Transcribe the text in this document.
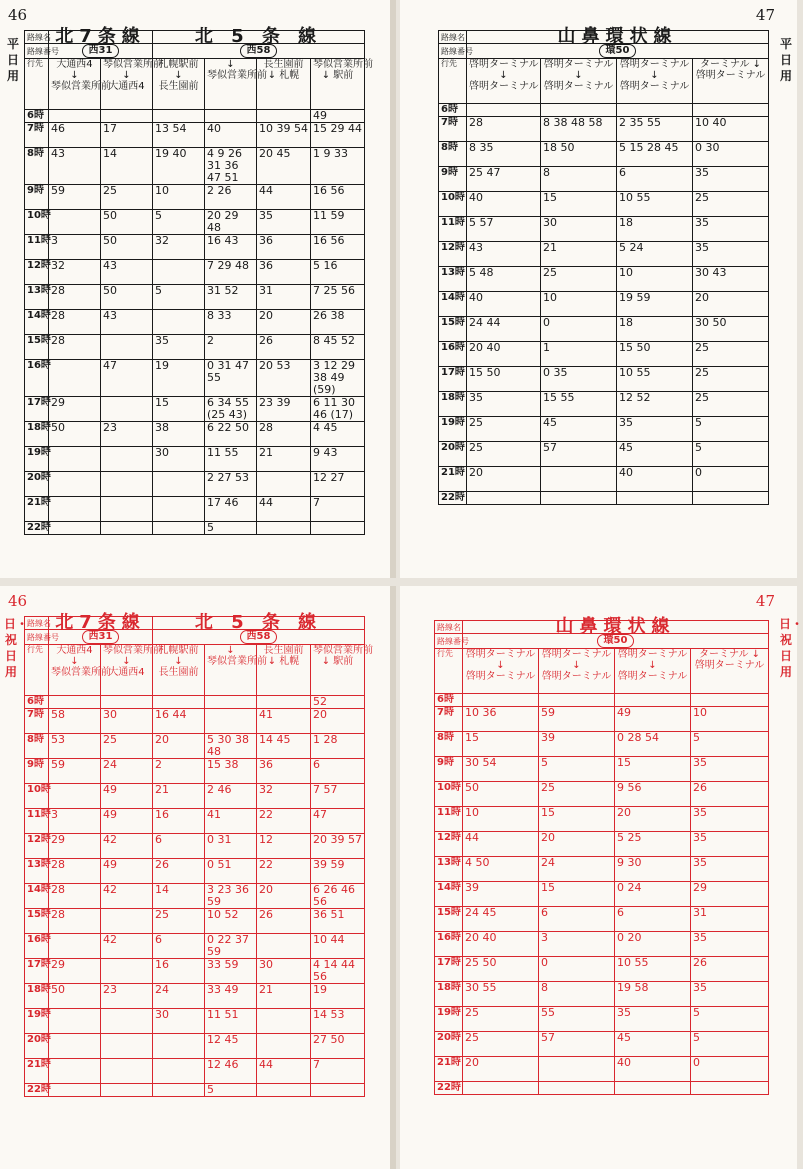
46
平日用
路線名	北7条線		北 5 条 線			
路線番号	西31		西58			
行先	大通西4 ↓ 琴似営業所前	琴似営業所前 ↓ 大通西4	札幌駅前 ↓ 長生園前	↓ 琴似営業所前	長生園前 ↓ 札幌	琴似営業所前 ↓ 駅前
6時						49
7時	46	17	13 54	40	10 39 54	15 29 44
8時	43	14	19 40	4 9 26 31 36 47 51	20 45	1 9 33
9時	59	25	10	2 26	44	16 56
10時		50	5	20 29 48	35	11 59
11時	3	50	32	16 43	36	16 56
12時	32	43		7 29 48	36	5 16
13時	28	50	5	31 52	31	7 25 56
14時	28	43		8 33	20	26 38
15時	28		35	2	26	8 45 52
16時		47	19	0 31 47 55	20 53	3 12 29 38 49 (59)
17時	29		15	6 34 55 (25 43)	23 39	6 11 30 46 (17)
18時	50	23	38	6 22 50	28	4 45
19時			30	11 55	21	9 43
20時				2 27 53		12 27
21時				17 46	44	7
22時				5		
47
平日用
路線名	山鼻環状線			
路線番号	環50			
行先	啓明ターミナル ↓ 啓明ターミナル	啓明ターミナル ↓ 啓明ターミナル	啓明ターミナル ↓ 啓明ターミナル	ターミナル ↓ 啓明ターミナル
6時				
7時	28	8 38 48 58	2 35 55	10 40
8時	8 35	18 50	5 15 28 45	0 30
9時	25 47	8	6	35
10時	40	15	10 55	25
11時	5 57	30	18	35
12時	43	21	5 24	35
13時	5 48	25	10	30 43
14時	40	10	19 59	20
15時	24 44	0	18	30 50
16時	20 40	1	15 50	25
17時	15 50	0 35	10 55	25
18時	35	15 55	12 52	25
19時	25	45	35	5
20時	25	57	45	5
21時	20		40	0
22時				
46
日・祝日用
路線名	北7条線		北 5 条 線			
路線番号	西31		西58			
行先	大通西4 ↓ 琴似営業所前	琴似営業所前 ↓ 大通西4	札幌駅前 ↓ 長生園前	↓ 琴似営業所前	長生園前 ↓ 札幌	琴似営業所前 ↓ 駅前
6時						52
7時	58	30	16 44		41	20
8時	53	25	20	5 30 38 48	14 45	1 28
9時	59	24	2	15 38	36	6
10時		49	21	2 46	32	7 57
11時	3	49	16	41	22	47
12時	29	42	6	0 31	12	20 39 57
13時	28	49	26	0 51	22	39 59
14時	28	42	14	3 23 36 59	20	6 26 46 56
15時	28		25	10 52	26	36 51
16時		42	6	0 22 37 59		10 44
17時	29		16	33 59	30	4 14 44 56
18時	50	23	24	33 49	21	19
19時			30	11 51		14 53
20時				12 45		27 50
21時				12 46	44	7
22時				5		
47
日・祝日用
路線名	山鼻環状線			
路線番号	環50			
行先	啓明ターミナル ↓ 啓明ターミナル	啓明ターミナル ↓ 啓明ターミナル	啓明ターミナル ↓ 啓明ターミナル	ターミナル ↓ 啓明ターミナル
6時				
7時	10 36	59	49	10
8時	15	39	0 28 54	5
9時	30 54	5	15	35
10時	50	25	9 56	26
11時	10	15	20	35
12時	44	20	5 25	35
13時	4 50	24	9 30	35
14時	39	15	0 24	29
15時	24 45	6	6	31
16時	20 40	3	0 20	35
17時	25 50	0	10 55	26
18時	30 55	8	19 58	35
19時	25	55	35	5
20時	25	57	45	5
21時	20		40	0
22時				
